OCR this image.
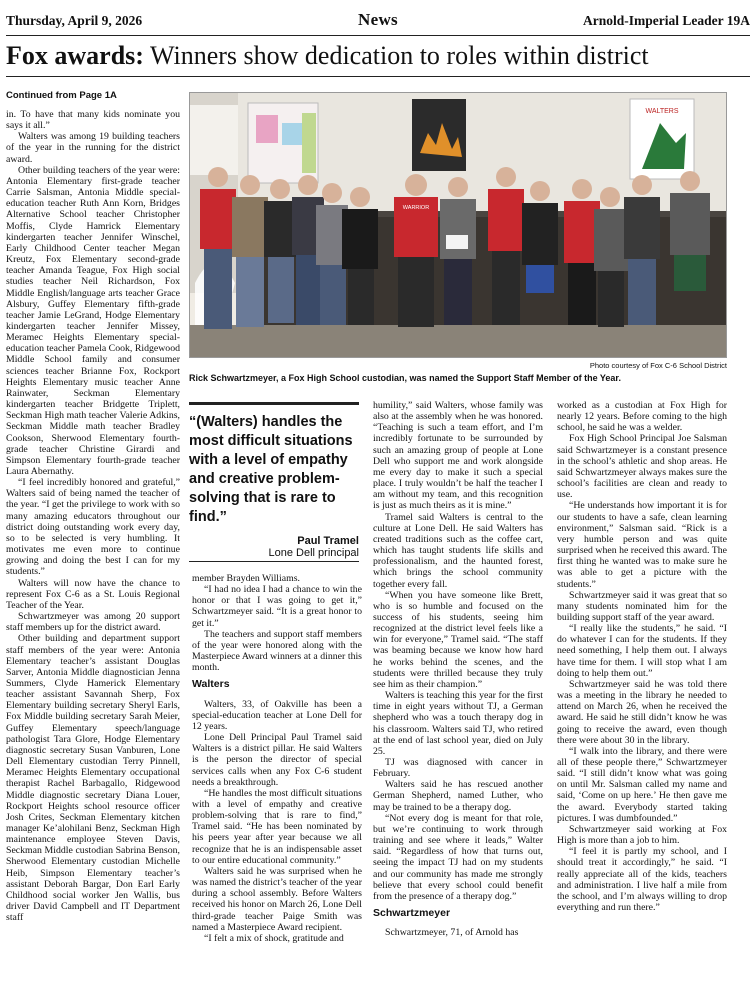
Thursday, April 9, 2026	News	Arnold-Imperial Leader 19A
Fox awards: Winners show dedication to roles within district
Continued from Page 1A

in. To have that many kids nominate you says it all.”

Walters was among 19 building teachers of the year in the running for the district award.

Other building teachers of the year were: Antonia Elementary first-grade teacher Carrie Salsman, Antonia Middle special-education teacher Ruth Ann Korn, Bridges Alternative School teacher Christopher Moffis, Clyde Hamrick Elementary kindergarten teacher Jennifer Winschel, Early Childhood Center teacher Megan Kreutz, Fox Elementary second-grade teacher Amanda Teague, Fox High social studies teacher Neil Richardson, Fox Middle English/language arts teacher Grace Alsbury, Guffey Elementary fifth-grade teacher Jamie LeGrand, Hodge Elementary kindergarten teacher Jennifer Missey, Meramec Heights Elementary special-education teacher Pamela Cook, Ridgewood Middle School family and consumer sciences teacher Brianne Fox, Rockport Heights Elementary music teacher Anne Rainwater, Seckman Elementary kindergarten teacher Bridgette Triplett, Seckman High math teacher Valerie Adkins, Seckman Middle math teacher Bradley Cookson, Sherwood Elementary fourth-grade teacher Christine Girardi and Simpson Elementary fourth-grade teacher Laura Abernathy.

“I feel incredibly honored and grateful,” Walters said of being named the teacher of the year. “I get the privilege to work with so many amazing educators throughout our district doing outstanding work every day, so to be selected is very humbling. It motivates me even more to continue growing and doing the best I can for my students.”

Walters will now have the chance to represent Fox C-6 as a St. Louis Regional Teacher of the Year.

Schwartzmeyer was among 20 support staff members up for the district award.

Other building and department support staff members of the year were: Antonia Elementary teacher’s assistant Douglas Sarver, Antonia Middle diagnostician Jenna Summers, Clyde Hamerick Elementary teacher assistant Savannah Sherp, Fox Elementary building secretary Sheryl Earls, Fox Middle building secretary Sarah Meier, Guffey Elementary speech/language pathologist Tara Glore, Hodge Elementary diagnostic secretary Susan Vanburen, Lone Dell Elementary custodian Terry Pinnell, Meramec Heights Elementary occupational therapist Rachel Barbagallo, Ridgewood Middle diagnostic secretary Diana Louer, Rockport Heights school resource officer Josh Crites, Seckman Elementary kitchen manager Ke’alohilani Benz, Seckman High maintenance employee Steven Davis, Seckman Middle custodian Sabrina Benson, Sherwood Elementary custodian Michelle Heib, Simpson Elementary teacher’s assistant Deborah Bargar, Don Earl Early Childhood social worker Jen Wallis, bus driver David Campbell and IT Department staff

WALTERS
WARRIOR
Photo courtesy of Fox C-6 School District
Rick Schwartzmeyer, a Fox High School custodian, was named the Support Staff Member of the Year.
“(Walters) handles the most difficult situations with a level of empathy and creative problem-solving that is rare to find.”
Paul Tramel
Lone Dell principal

member Brayden Williams.

“I had no idea I had a chance to win the honor or that I was going to get it,” Schwartzmeyer said. “It is a great honor to get it.”

The teachers and support staff members of the year were honored along with the Masterpiece Award winners at a dinner this month.

Walters

Walters, 33, of Oakville has been a special-education teacher at Lone Dell for 12 years.

Lone Dell Principal Paul Tramel said Walters is a district pillar. He said Walters is the person the director of special services calls when any Fox C-6 student needs a breakthrough.

“He handles the most difficult situations with a level of empathy and creative problem-solving that is rare to find,” Tramel said. “He has been nominated by his peers year after year because we all recognize that he is an indispensable asset to our entire educational community.”

Walters said he was surprised when he was named the district’s teacher of the year during a school assembly. Before Walters received his honor on March 26, Lone Dell third-grade teacher Paige Smith was named a Masterpiece Award recipient.

“I felt a mix of shock, gratitude and

humility,” said Walters, whose family was also at the assembly when he was honored. “Teaching is such a team effort, and I’m incredibly fortunate to be surrounded by such an amazing group of people at Lone Dell who support me and work alongside me every day to make it such a special place. I truly wouldn’t be half the teacher I am without my team, and this recognition is just as much theirs as it is mine.”

Tramel said Walters is central to the culture at Lone Dell. He said Walters has created traditions such as the coffee cart, which has taught students life skills and professionalism, and the haunted forest, which brings the school community together every fall.

“When you have someone like Brett, who is so humble and focused on the success of his students, seeing him recognized at the district level feels like a win for everyone,” Tramel said. “The staff was beaming because we know how hard he works behind the scenes, and the students were thrilled because they truly see him as their champion.”

Walters is teaching this year for the first time in eight years without TJ, a German shepherd who was a touch therapy dog in his classroom. Walters said TJ, who retired at the end of last school year, died on July 25.

TJ was diagnosed with cancer in February.

Walters said he has rescued another German Shepherd, named Luther, who may be trained to be a therapy dog.

“Not every dog is meant for that role, but we’re continuing to work through training and see where it leads,” Walter said. “Regardless of how that turns out, seeing the impact TJ had on my students and our community has made me strongly believe that every school could benefit from the presence of a therapy dog.”

Schwartzmeyer

Schwartzmeyer, 71, of Arnold has

worked as a custodian at Fox High for nearly 12 years. Before coming to the high school, he said he was a welder.

Fox High School Principal Joe Salsman said Schwartzmeyer is a constant presence in the school’s athletic and shop areas. He said Schwartzmeyer always makes sure the school’s facilities are clean and ready to use.

“He understands how important it is for our students to have a safe, clean learning environment,” Salsman said. “Rick is a very humble person and was quite surprised when he received this award. The first thing he wanted was to make sure he was able to get a picture with the students.”

Schwartzmeyer said it was great that so many students nominated him for the building support staff of the year award.

“I really like the students,” he said. “I do whatever I can for the students. If they need something, I help them out. I always have time for them. I will stop what I am doing to help them out.”

Schwartzmeyer said he was told there was a meeting in the library he needed to attend on March 26, when he received the award. He said he still didn’t know he was going to receive the award, even though there were about 30 in the library.

“I walk into the library, and there were all of these people there,” Schwartzmeyer said. “I still didn’t know what was going on until Mr. Salsman called my name and said, ‘Come on up here.’ He then gave me the award. Everybody started taking pictures. I was dumbfounded.”

Schwartzmeyer said working at Fox High is more than a job to him.

“I feel it is partly my school, and I should treat it accordingly,” he said. “I really appreciate all of the kids, teachers and administration. I live half a mile from the school, and I’m always willing to drop everything and run there.”
